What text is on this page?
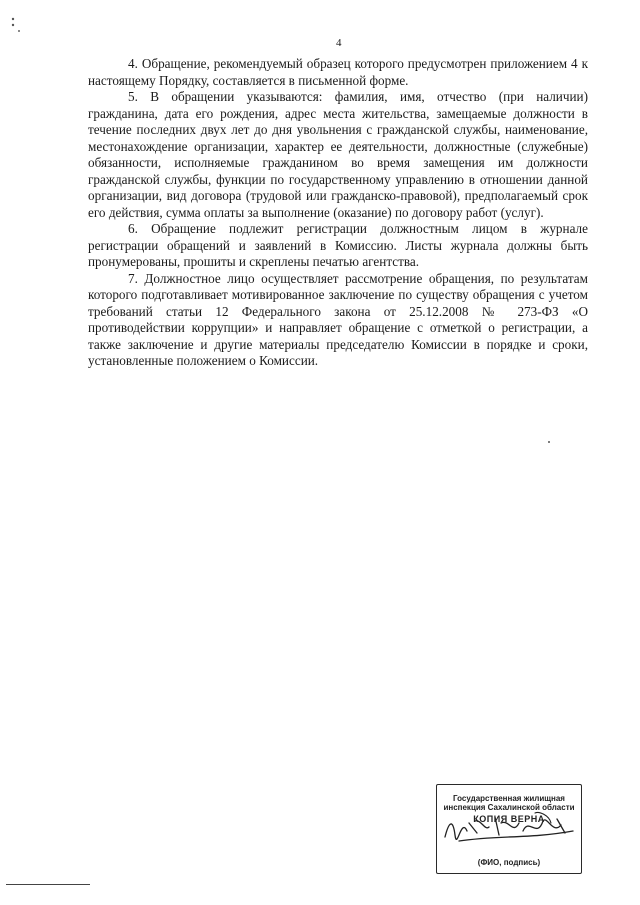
4

4. Обращение, рекомендуемый образец которого предусмотрен приложением 4 к настоящему Порядку, составляется в письменной форме.

5. В обращении указываются: фамилия, имя, отчество (при наличии) гражданина, дата его рождения, адрес места жительства, замещаемые должности в течение последних двух лет до дня увольнения с гражданской службы, наименование, местонахождение организации, характер ее деятельности, должностные (служебные) обязанности, исполняемые гражданином во время замещения им должности гражданской службы, функции по государственному управлению в отношении данной организации, вид договора (трудовой или гражданско-правовой), предполагаемый срок его действия, сумма оплаты за выполнение (оказание) по договору работ (услуг).

6. Обращение подлежит регистрации должностным лицом в журнале регистрации обращений и заявлений в Комиссию. Листы журнала должны быть пронумерованы, прошиты и скреплены печатью агентства.

7. Должностное лицо осуществляет рассмотрение обращения, по результатам которого подготавливает мотивированное заключение по существу обращения с учетом требований статьи 12 Федерального закона от 25.12.2008 № 273-ФЗ «О противодействии коррупции» и направляет обращение с отметкой о регистрации, а также заключение и другие материалы председателю Комиссии в порядке и сроки, установленные положением о Комиссии.

Государственная жилищная
инспекция Сахалинской области
КОПИЯ ВЕРНА
(ФИО, подпись)
